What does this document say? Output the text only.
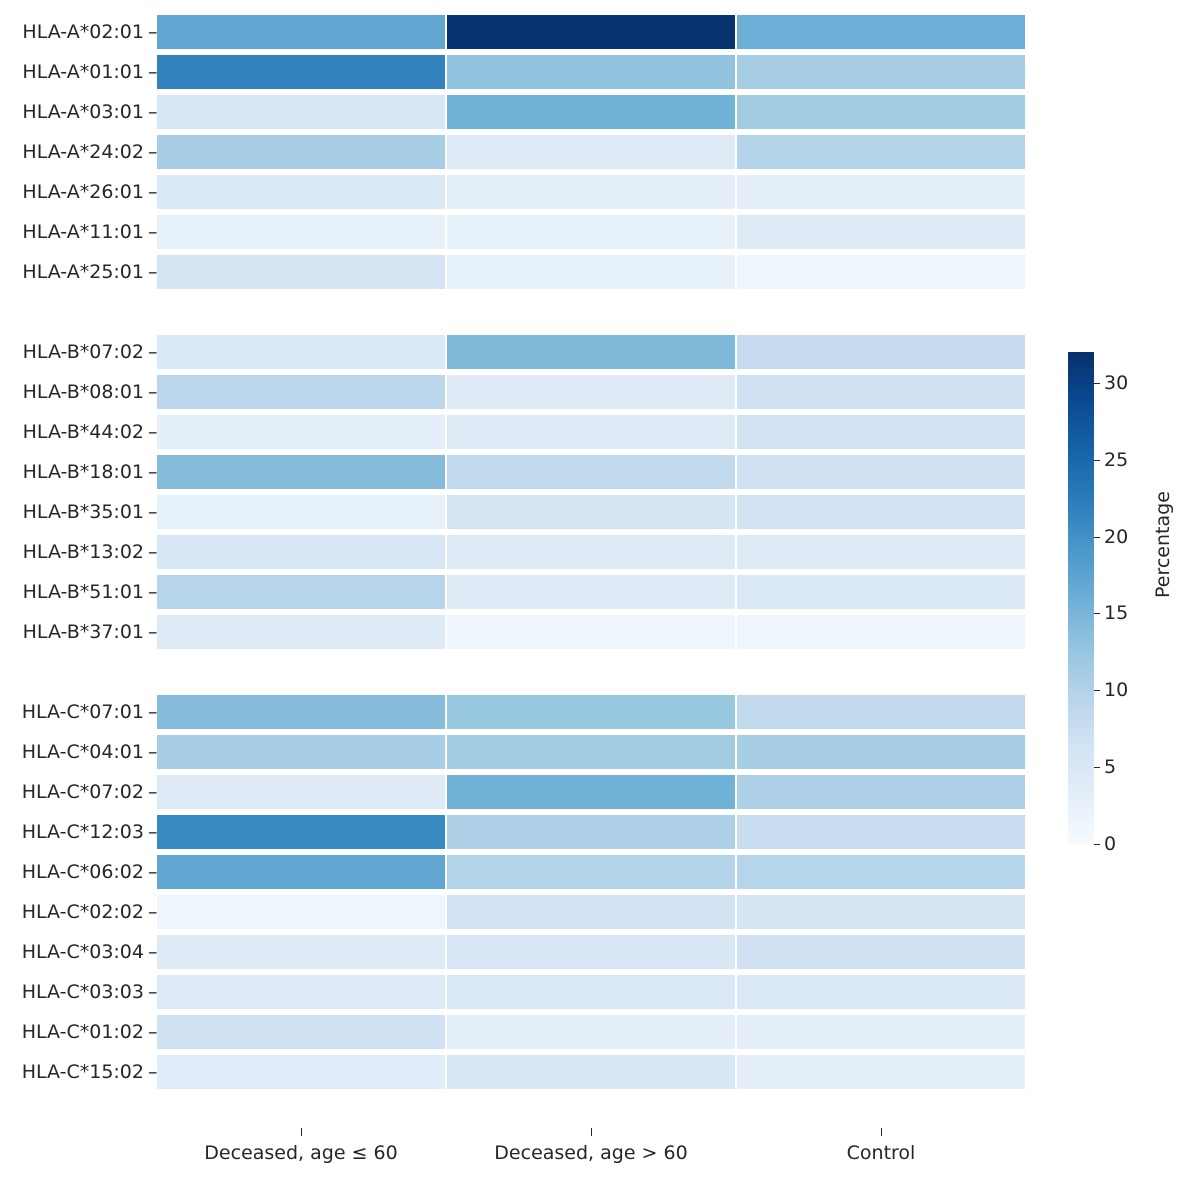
HLA-A*02:01 –
HLA-A*01:01 –
HLA-A*03:01 –
HLA-A*24:02 –
HLA-A*26:01 –
HLA-A*11:01 –
HLA-A*25:01 –
HLA-B*07:02 –
HLA-B*08:01 –
HLA-B*44:02 –
HLA-B*18:01 –
HLA-B*35:01 –
HLA-B*13:02 –
HLA-B*51:01 –
HLA-B*37:01 –
HLA-C*07:01 –
HLA-C*04:01 –
HLA-C*07:02 –
HLA-C*12:03 –
HLA-C*06:02 –
HLA-C*02:02 –
HLA-C*03:04 –
HLA-C*03:03 –
HLA-C*01:02 –
HLA-C*15:02 –
Deceased, age ≤ 60	Deceased, age > 60	Control
Percentage
0
5
10
15
20
25
30
